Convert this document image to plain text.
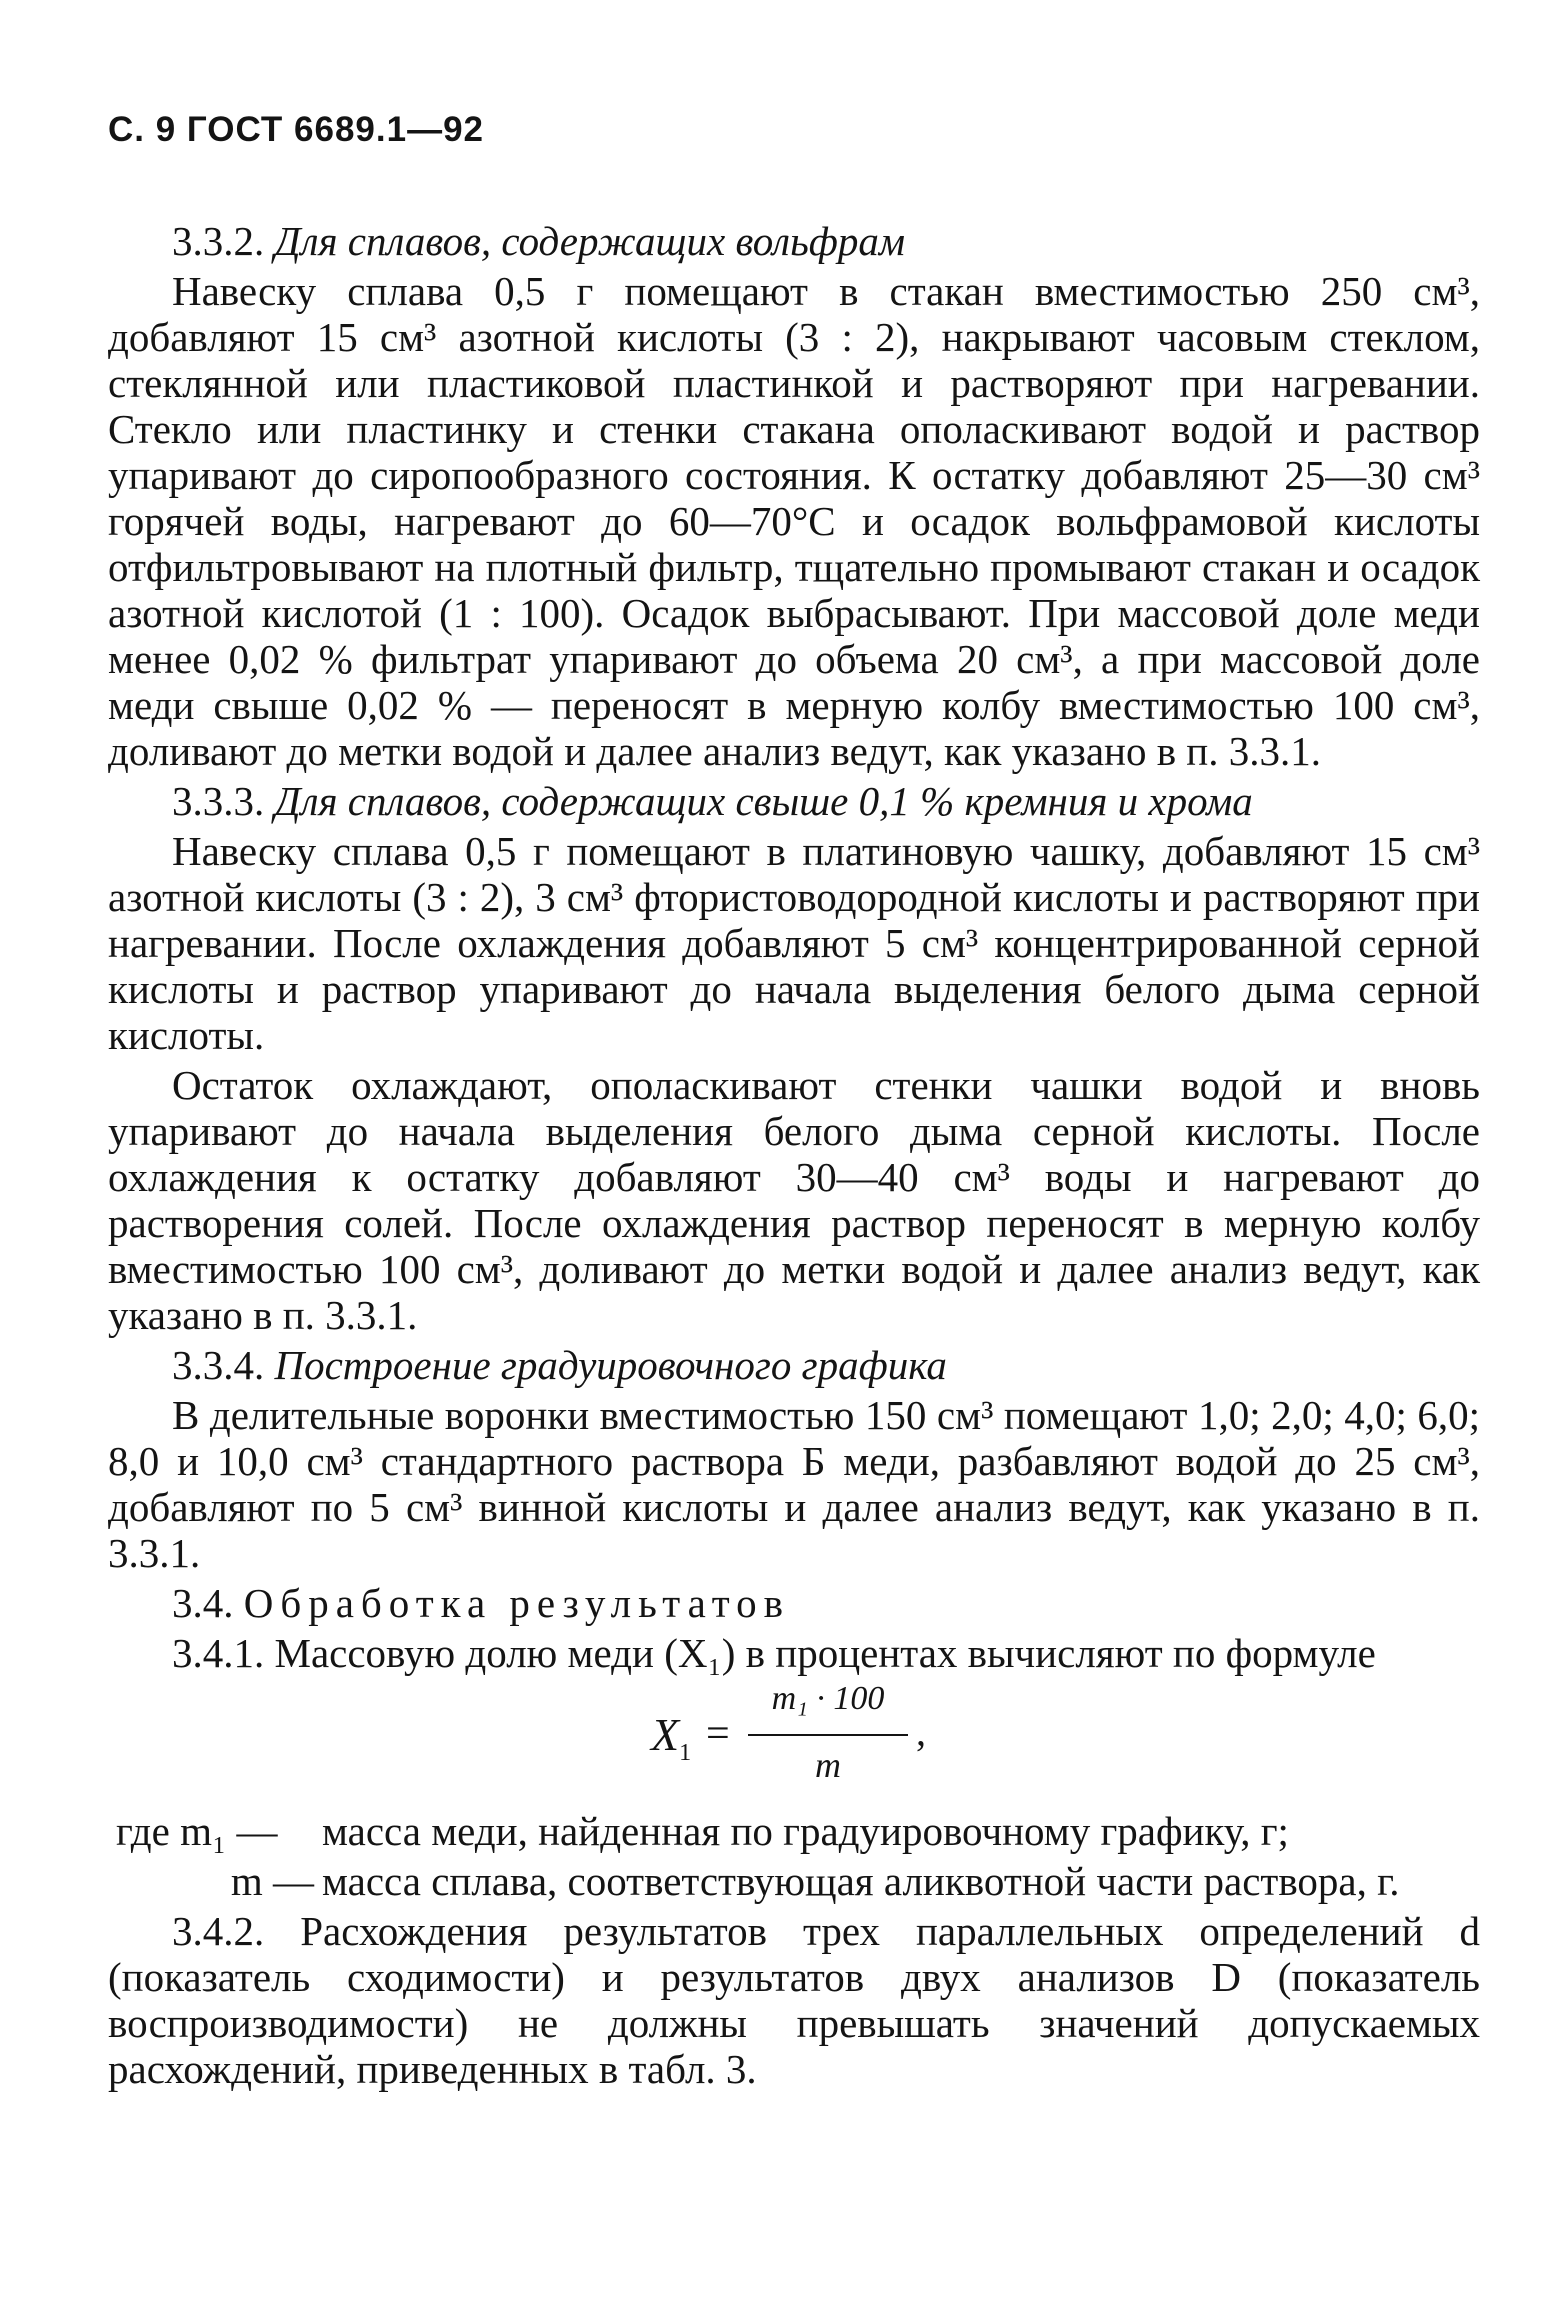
С. 9 ГОСТ 6689.1—92
3.3.2. Для сплавов, содержащих вольфрам
Навеску сплава 0,5 г помещают в стакан вместимостью 250 см³, добавляют 15 см³ азотной кислоты (3 : 2), накрывают часовым стеклом, стеклянной или пластиковой пластинкой и растворяют при нагревании. Стекло или пластинку и стенки стакана ополаскивают водой и раствор упаривают до сиропообразного состояния. К остатку добавляют 25—30 см³ горячей воды, нагревают до 60—70°С и осадок вольфрамовой кислоты отфильтровывают на плотный фильтр, тщательно промывают стакан и осадок азотной кислотой (1 : 100). Осадок выбрасывают. При массовой доле меди менее 0,02 % фильтрат упаривают до объема 20 см³, а при массовой доле меди свыше 0,02 % — переносят в мерную колбу вместимостью 100 см³, доливают до метки водой и далее анализ ведут, как указано в п. 3.3.1.
3.3.3. Для сплавов, содержащих свыше 0,1 % кремния и хрома
Навеску сплава 0,5 г помещают в платиновую чашку, добавляют 15 см³ азотной кислоты (3 : 2), 3 см³ фтористоводородной кислоты и растворяют при нагревании. После охлаждения добавляют 5 см³ концентрированной серной кислоты и раствор упаривают до начала выделения белого дыма серной кислоты.
Остаток охлаждают, ополаскивают стенки чашки водой и вновь упаривают до начала выделения белого дыма серной кислоты. После охлаждения к остатку добавляют 30—40 см³ воды и нагревают до растворения солей. После охлаждения раствор переносят в мерную колбу вместимостью 100 см³, доливают до метки водой и далее анализ ведут, как указано в п. 3.3.1.
3.3.4. Построение градуировочного графика
В делительные воронки вместимостью 150 см³ помещают 1,0; 2,0; 4,0; 6,0; 8,0 и 10,0 см³ стандартного раствора Б меди, разбавляют водой до 25 см³, добавляют по 5 см³ винной кислоты и далее анализ ведут, как указано в п. 3.3.1.
3.4. Обработка результатов
3.4.1. Массовую долю меди (X₁) в процентах вычисляют по формуле
$X_1$ =
m₁ · 100
m
,
где m₁ —	масса меди, найденная по градуировочному графику, г;
m — масса сплава, соответствующая аликвотной части раствора, г.
3.4.2. Расхождения результатов трех параллельных определений d (показатель сходимости) и результатов двух анализов D (показатель воспроизводимости) не должны превышать значений допускаемых расхождений, приведенных в табл. 3.
